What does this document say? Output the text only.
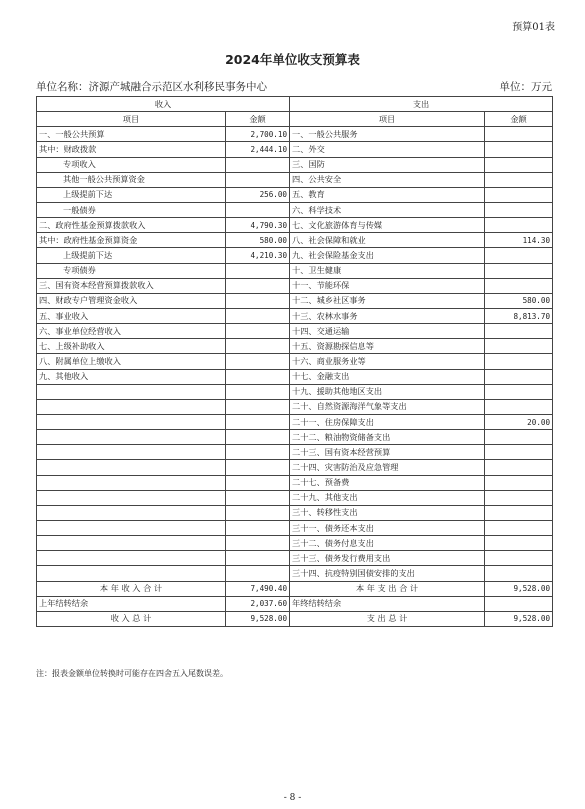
预算01表
2024年单位收支预算表
单位名称：济源产城融合示范区水利移民事务中心	单位：万元
收入		支出	
项目	金额	项目	金额
一、一般公共预算	2,700.10	一、一般公共服务	
其中：财政拨款	2,444.10	二、外交	
专项收入		三、国防	
其他一般公共预算资金		四、公共安全	
上级提前下达	256.00	五、教育	
一般债券		六、科学技术	
二、政府性基金预算拨款收入	4,790.30	七、文化旅游体育与传媒	
其中：政府性基金预算资金	580.00	八、社会保障和就业	114.30
上级提前下达	4,210.30	九、社会保险基金支出	
专项债券		十、卫生健康	
三、国有资本经营预算拨款收入		十一、节能环保	
四、财政专户管理资金收入		十二、城乡社区事务	580.00
五、事业收入		十三、农林水事务	8,813.70
六、事业单位经营收入		十四、交通运输	
七、上级补助收入		十五、资源勘探信息等	
八、附属单位上缴收入		十六、商业服务业等	
九、其他收入		十七、金融支出	
		十九、援助其他地区支出	
		二十、自然资源海洋气象等支出	
		二十一、住房保障支出	20.00
		二十二、粮油物资储备支出	
		二十三、国有资本经营预算	
		二十四、灾害防治及应急管理	
		二十七、预备费	
		二十九、其他支出	
		三十、转移性支出	
		三十一、债务还本支出	
		三十二、债务付息支出	
		三十三、债务发行费用支出	
		三十四、抗疫特别国债安排的支出	
本 年 收 入 合 计	7,490.40	本 年 支 出 合 计	9,528.00
上年结转结余	2,037.60	年终结转结余	
收 入 总 计	9,528.00	支 出 总 计	9,528.00
注：报表金额单位转换时可能存在四舍五入尾数误差。
- 8 -
